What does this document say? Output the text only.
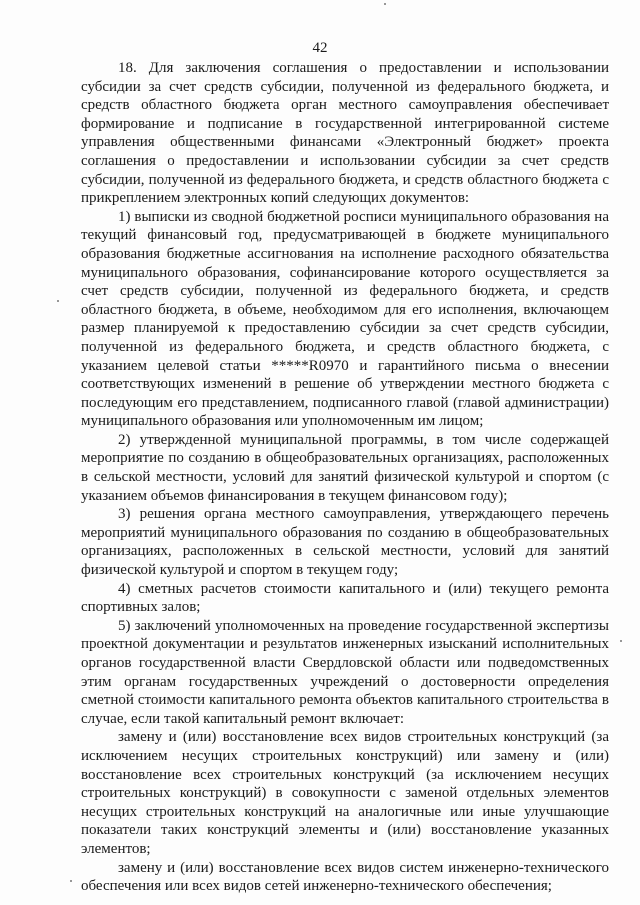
42

18. Для заключения соглашения о предоставлении и использовании субсидии за счет средств субсидии, полученной из федерального бюджета, и средств областного бюджета орган местного самоуправления обеспечивает формирование и подписание в государственной интегрированной системе управления общественными финансами «Электронный бюджет» проекта соглашения о предоставлении и использовании субсидии за счет средств субсидии, полученной из федерального бюджета, и средств областного бюджета с прикреплением электронных копий следующих документов:

1) выписки из сводной бюджетной росписи муниципального образования на текущий финансовый год, предусматривающей в бюджете муниципального образования бюджетные ассигнования на исполнение расходного обязательства муниципального образования, софинансирование которого осуществляется за счет средств субсидии, полученной из федерального бюджета, и средств областного бюджета, в объеме, необходимом для его исполнения, включающем размер планируемой к предоставлению субсидии за счет средств субсидии, полученной из федерального бюджета, и средств областного бюджета, с указанием целевой статьи *****R0970 и гарантийного письма о внесении соответствующих изменений в решение об утверждении местного бюджета с последующим его представлением, подписанного главой (главой администрации) муниципального образования или уполномоченным им лицом;

2) утвержденной муниципальной программы, в том числе содержащей мероприятие по созданию в общеобразовательных организациях, расположенных в сельской местности, условий для занятий физической культурой и спортом (с указанием объемов финансирования в текущем финансовом году);

3) решения органа местного самоуправления, утверждающего перечень мероприятий муниципального образования по созданию в общеобразовательных организациях, расположенных в сельской местности, условий для занятий физической культурой и спортом в текущем году;

4) сметных расчетов стоимости капитального и (или) текущего ремонта спортивных залов;

5) заключений уполномоченных на проведение государственной экспертизы проектной документации и результатов инженерных изысканий исполнительных органов государственной власти Свердловской области или подведомственных этим органам государственных учреждений о достоверности определения сметной стоимости капитального ремонта объектов капитального строительства в случае, если такой капитальный ремонт включает:

замену и (или) восстановление всех видов строительных конструкций (за исключением несущих строительных конструкций) или замену и (или) восстановление всех строительных конструкций (за исключением несущих строительных конструкций) в совокупности с заменой отдельных элементов несущих строительных конструкций на аналогичные или иные улучшающие показатели таких конструкций элементы и (или) восстановление указанных элементов;

замену и (или) восстановление всех видов систем инженерно-технического обеспечения или всех видов сетей инженерно-технического обеспечения;
